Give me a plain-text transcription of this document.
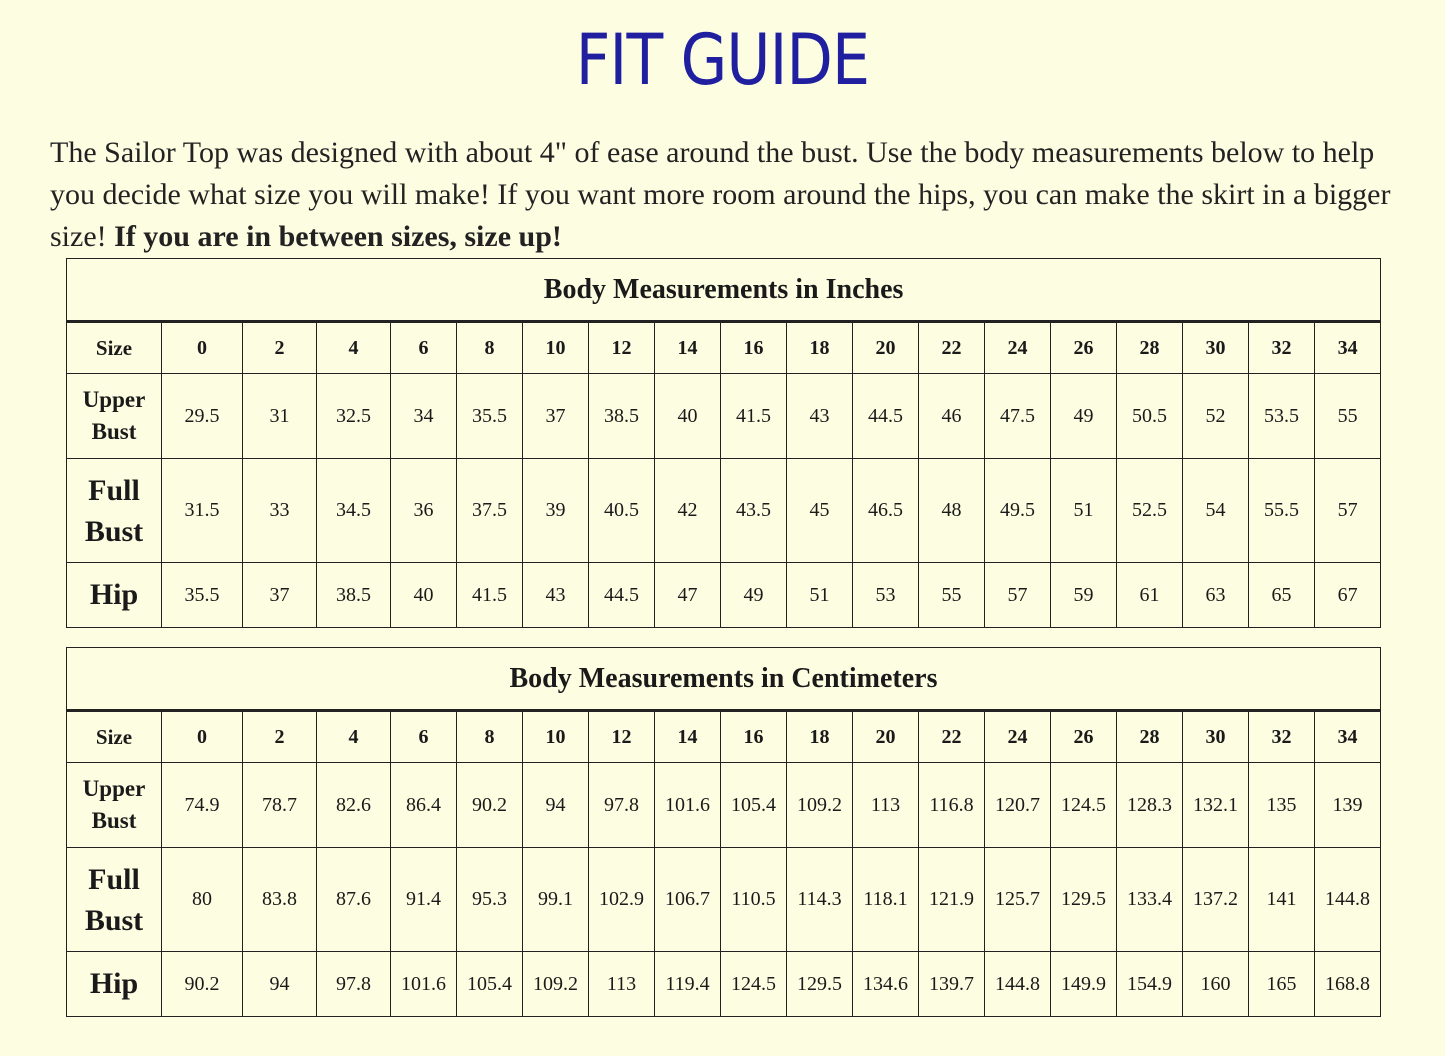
FIT GUIDE

The Sailor Top was designed with about 4" of ease around the bust. Use the body measurements below to help you decide what size you will make! If you want more room around the hips, you can make the skirt in a bigger size! If you are in between sizes, size up!

Body Measurements in Inches																		
Size	0	2	4	6	8	10	12	14	16	18	20	22	24	26	28	30	32	34
Upper Bust	29.5	31	32.5	34	35.5	37	38.5	40	41.5	43	44.5	46	47.5	49	50.5	52	53.5	55
Full Bust	31.5	33	34.5	36	37.5	39	40.5	42	43.5	45	46.5	48	49.5	51	52.5	54	55.5	57
Hip	35.5	37	38.5	40	41.5	43	44.5	47	49	51	53	55	57	59	61	63	65	67
Body Measurements in Centimeters																		
Size	0	2	4	6	8	10	12	14	16	18	20	22	24	26	28	30	32	34
Upper Bust	74.9	78.7	82.6	86.4	90.2	94	97.8	101.6	105.4	109.2	113	116.8	120.7	124.5	128.3	132.1	135	139
Full Bust	80	83.8	87.6	91.4	95.3	99.1	102.9	106.7	110.5	114.3	118.1	121.9	125.7	129.5	133.4	137.2	141	144.8
Hip	90.2	94	97.8	101.6	105.4	109.2	113	119.4	124.5	129.5	134.6	139.7	144.8	149.9	154.9	160	165	168.8
